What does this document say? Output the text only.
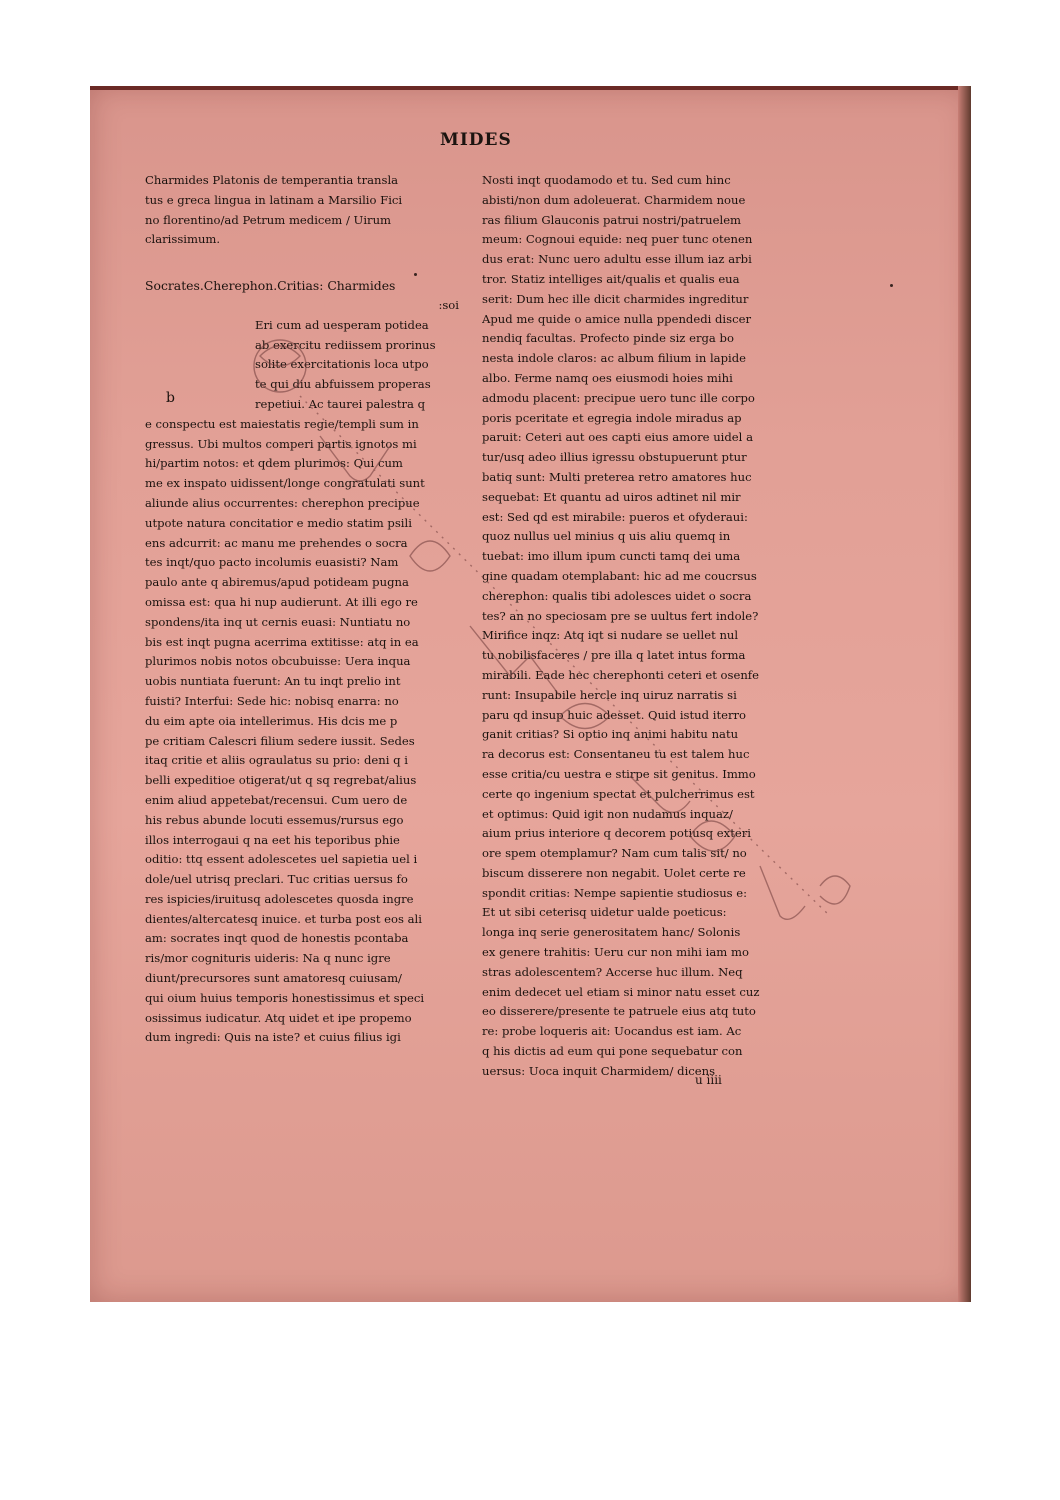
MIDES
Charmides Platonis de temperantia transla
tus e greca lingua in latinam a Marsilio Fici
no florentino/ad Petrum medicem / Uirum
clarissimum.
Socrates.Cherephon.Critias: Charmides
:soi
Eri cum ad uesperam potidea
ab exercitu rediissem prorinus
solite exercitationis loca utpo
te qui diu abfuissem properas
repetiui. Ac taurei palestra q
e conspectu est maiestatis regie/templi sum in
gressus. Ubi multos comperi partis ignotos mi
hi/partim notos: et qdem plurimos: Qui cum
me ex inspato uidissent/longe congratulati sunt
aliunde alius occurrentes: cherephon precipue
utpote natura concitatior e medio statim psili
ens adcurrit: ac manu me prehendes o socra
tes inqt/quo pacto incolumis euasisti? Nam
paulo ante q abiremus/apud potideam pugna
omissa est: qua hi nup audierunt. At illi ego re
spondens/ita inq ut cernis euasi: Nuntiatu no
bis est inqt pugna acerrima extitisse: atq in ea
plurimos nobis notos obcubuisse: Uera inqua
uobis nuntiata fuerunt: An tu inqt prelio int
fuisti? Interfui: Sede hic: nobisq enarra: no
du eim apte oia intellerimus. His dcis me p
pe critiam Calescri filium sedere iussit. Sedes
itaq critie et aliis ograulatus su prio: deni q i
belli expeditioe otigerat/ut q sq regrebat/alius
enim aliud appetebat/recensui. Cum uero de
his rebus abunde locuti essemus/rursus ego
illos interrogaui q na eet his teporibus phie
oditio: ttq essent adolescetes uel sapietia uel i
dole/uel utrisq preclari. Tuc critias uersus fo
res ispicies/iruitusq adolescetes quosda ingre
dientes/altercatesq inuice. et turba post eos ali
am: socrates inqt quod de honestis pcontaba
ris/mor cognituris uideris: Na q nunc igre
diunt/precursores sunt amatoresq cuiusam/
qui oium huius temporis honestissimus et speci
osissimus iudicatur. Atq uidet et ipe propemo
dum ingredi: Quis na iste? et cuius filius igi
b
Nosti inqt quodamodo et tu. Sed cum hinc
abisti/non dum adoleuerat. Charmidem noue
ras filium Glauconis patrui nostri/patruelem
meum: Cognoui equide: neq puer tunc otenen
dus erat: Nunc uero adultu esse illum iaz arbi
tror. Statiz intelliges ait/qualis et qualis eua
serit: Dum hec ille dicit charmides ingreditur
Apud me quide o amice nulla ppendedi discer
nendiq facultas. Profecto pinde siz erga bo
nesta indole claros: ac album filium in lapide
albo. Ferme namq oes eiusmodi hoies mihi
admodu placent: precipue uero tunc ille corpo
poris pceritate et egregia indole miradus ap
paruit: Ceteri aut oes capti eius amore uidel a
tur/usq adeo illius igressu obstupuerunt ptur
batiq sunt: Multi preterea retro amatores huc
sequebat: Et quantu ad uiros adtinet nil mir
est: Sed qd est mirabile: pueros et ofyderaui:
quoz nullus uel minius q uis aliu quemq in
tuebat: imo illum ipum cuncti tamq dei uma
gine quadam otemplabant: hic ad me coucrsus
cherephon: qualis tibi adolesces uidet o socra
tes? an no speciosam pre se uultus fert indole?
Mirifice inqz: Atq iqt si nudare se uellet nul
tu nobilisfaceres / pre illa q latet intus forma
mirabili. Eade hec cherephonti ceteri et osenfe
runt: Insupabile hercle inq uiruz narratis si
paru qd insup huic adesset. Quid istud iterro
ganit critias? Si optio inq animi habitu natu
ra decorus est: Consentaneu tu est talem huc
esse critia/cu uestra e stirpe sit genitus. Immo
certe qo ingenium spectat et pulcherrimus est
et optimus: Quid igit non nudamus inquaz/
aium prius interiore q decorem potiusq exteri
ore spem otemplamur? Nam cum talis sit/ no
biscum disserere non negabit. Uolet certe re
spondit critias: Nempe sapientie studiosus e:
Et ut sibi ceterisq uidetur ualde poeticus:
longa inq serie generositatem hanc/ Solonis
ex genere trahitis: Ueru cur non mihi iam mo
stras adolescentem? Accerse huc illum. Neq
enim dedecet uel etiam si minor natu esset cuz
eo disserere/presente te patruele eius atq tuto
re: probe loqueris ait: Uocandus est iam. Ac
q his dictis ad eum qui pone sequebatur con
uersus: Uoca inquit Charmidem/ dicens
u iiii
